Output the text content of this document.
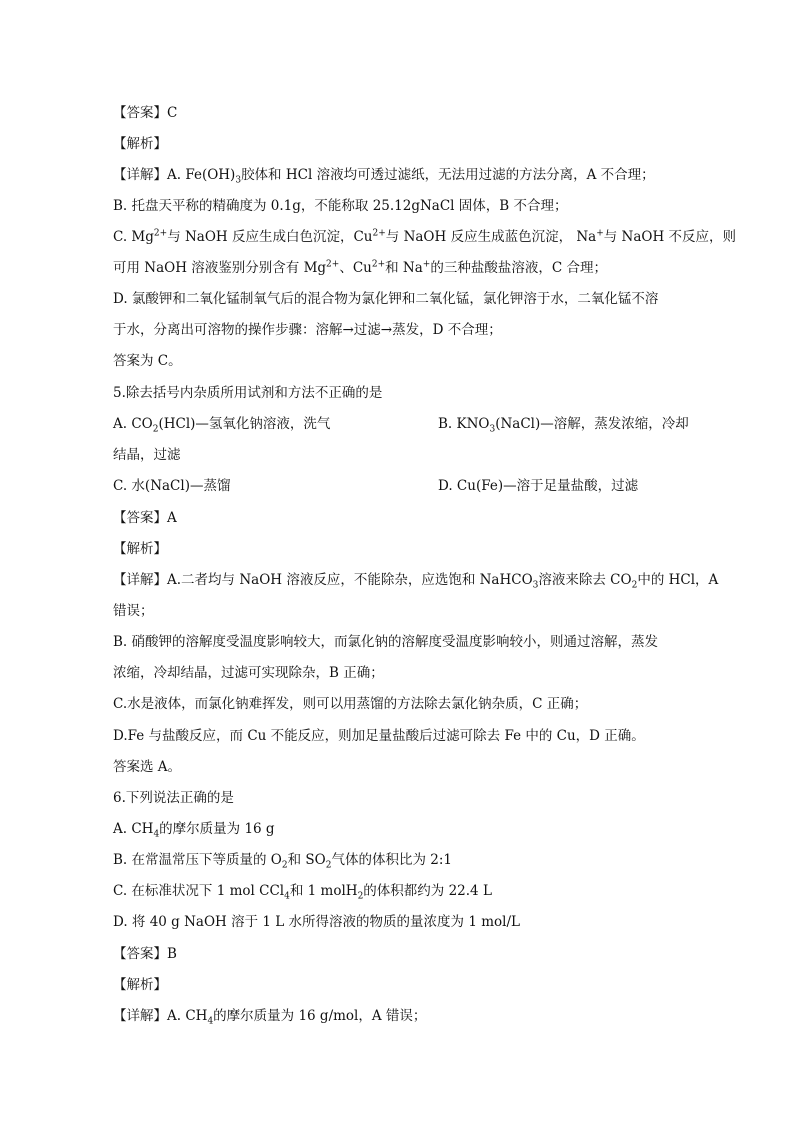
【答案】C
【解析】
【详解】A. $Fe(OH)_3$胶体和 HCl 溶液均可透过滤纸，无法用过滤的方法分离，A 不合理；
B. 托盘天平称的精确度为 0.1g，不能称取 25.12gNaCl 固体，B 不合理；
C. $Mg^{2+}$与 NaOH 反应生成白色沉淀，$Cu^{2+}$与 NaOH 反应生成蓝色沉淀， Na+与 NaOH 不反应，则
可用 NaOH 溶液鉴别分别含有 $Mg^{2+}$、$Cu^{2+}$和 Na+的三种盐酸盐溶液，C 合理；
D. 氯酸钾和二氧化锰制氧气后的混合物为氯化钾和二氧化锰，氯化钾溶于水，二氧化锰不溶
于水，分离出可溶物的操作步骤：溶解→过滤→蒸发，D 不合理；
答案为 C。
5.除去括号内杂质所用试剂和方法不正确的是
A. $CO_2(HCl)—$氢氧化钠溶液，洗气	B. $KNO_3(NaCl)—$溶解，蒸发浓缩，冷却
结晶，过滤
C. 水(NaCl)—蒸馏	D. Cu(Fe)—溶于足量盐酸，过滤
【答案】A
【解析】
【详解】A.二者均与 NaOH 溶液反应，不能除杂，应选饱和 NaHCO$_3$溶液来除去 $CO_2$中的 HCl，A
错误；
B. 硝酸钾的溶解度受温度影响较大，而氯化钠的溶解度受温度影响较小，则通过溶解，蒸发
浓缩，冷却结晶，过滤可实现除杂，B 正确；
C.水是液体，而氯化钠难挥发，则可以用蒸馏的方法除去氯化钠杂质，C 正确；
D.Fe 与盐酸反应，而 Cu 不能反应，则加足量盐酸后过滤可除去 Fe 中的 Cu，D 正确。
答案选 A。
6.下列说法正确的是
A. $CH_4$的摩尔质量为 16 g
B. 在常温常压下等质量的 $O_2$和 $SO_2$气体的体积比为 2:1
C. 在标准状况下 1 mol CCl$_4$和 1 molH$_2$的体积都约为 22.4 L
D. 将 40 g NaOH 溶于 1 L 水所得溶液的物质的量浓度为 1 mol/L
【答案】B
【解析】
【详解】A. $CH_4$的摩尔质量为 16 g/mol，A 错误；
